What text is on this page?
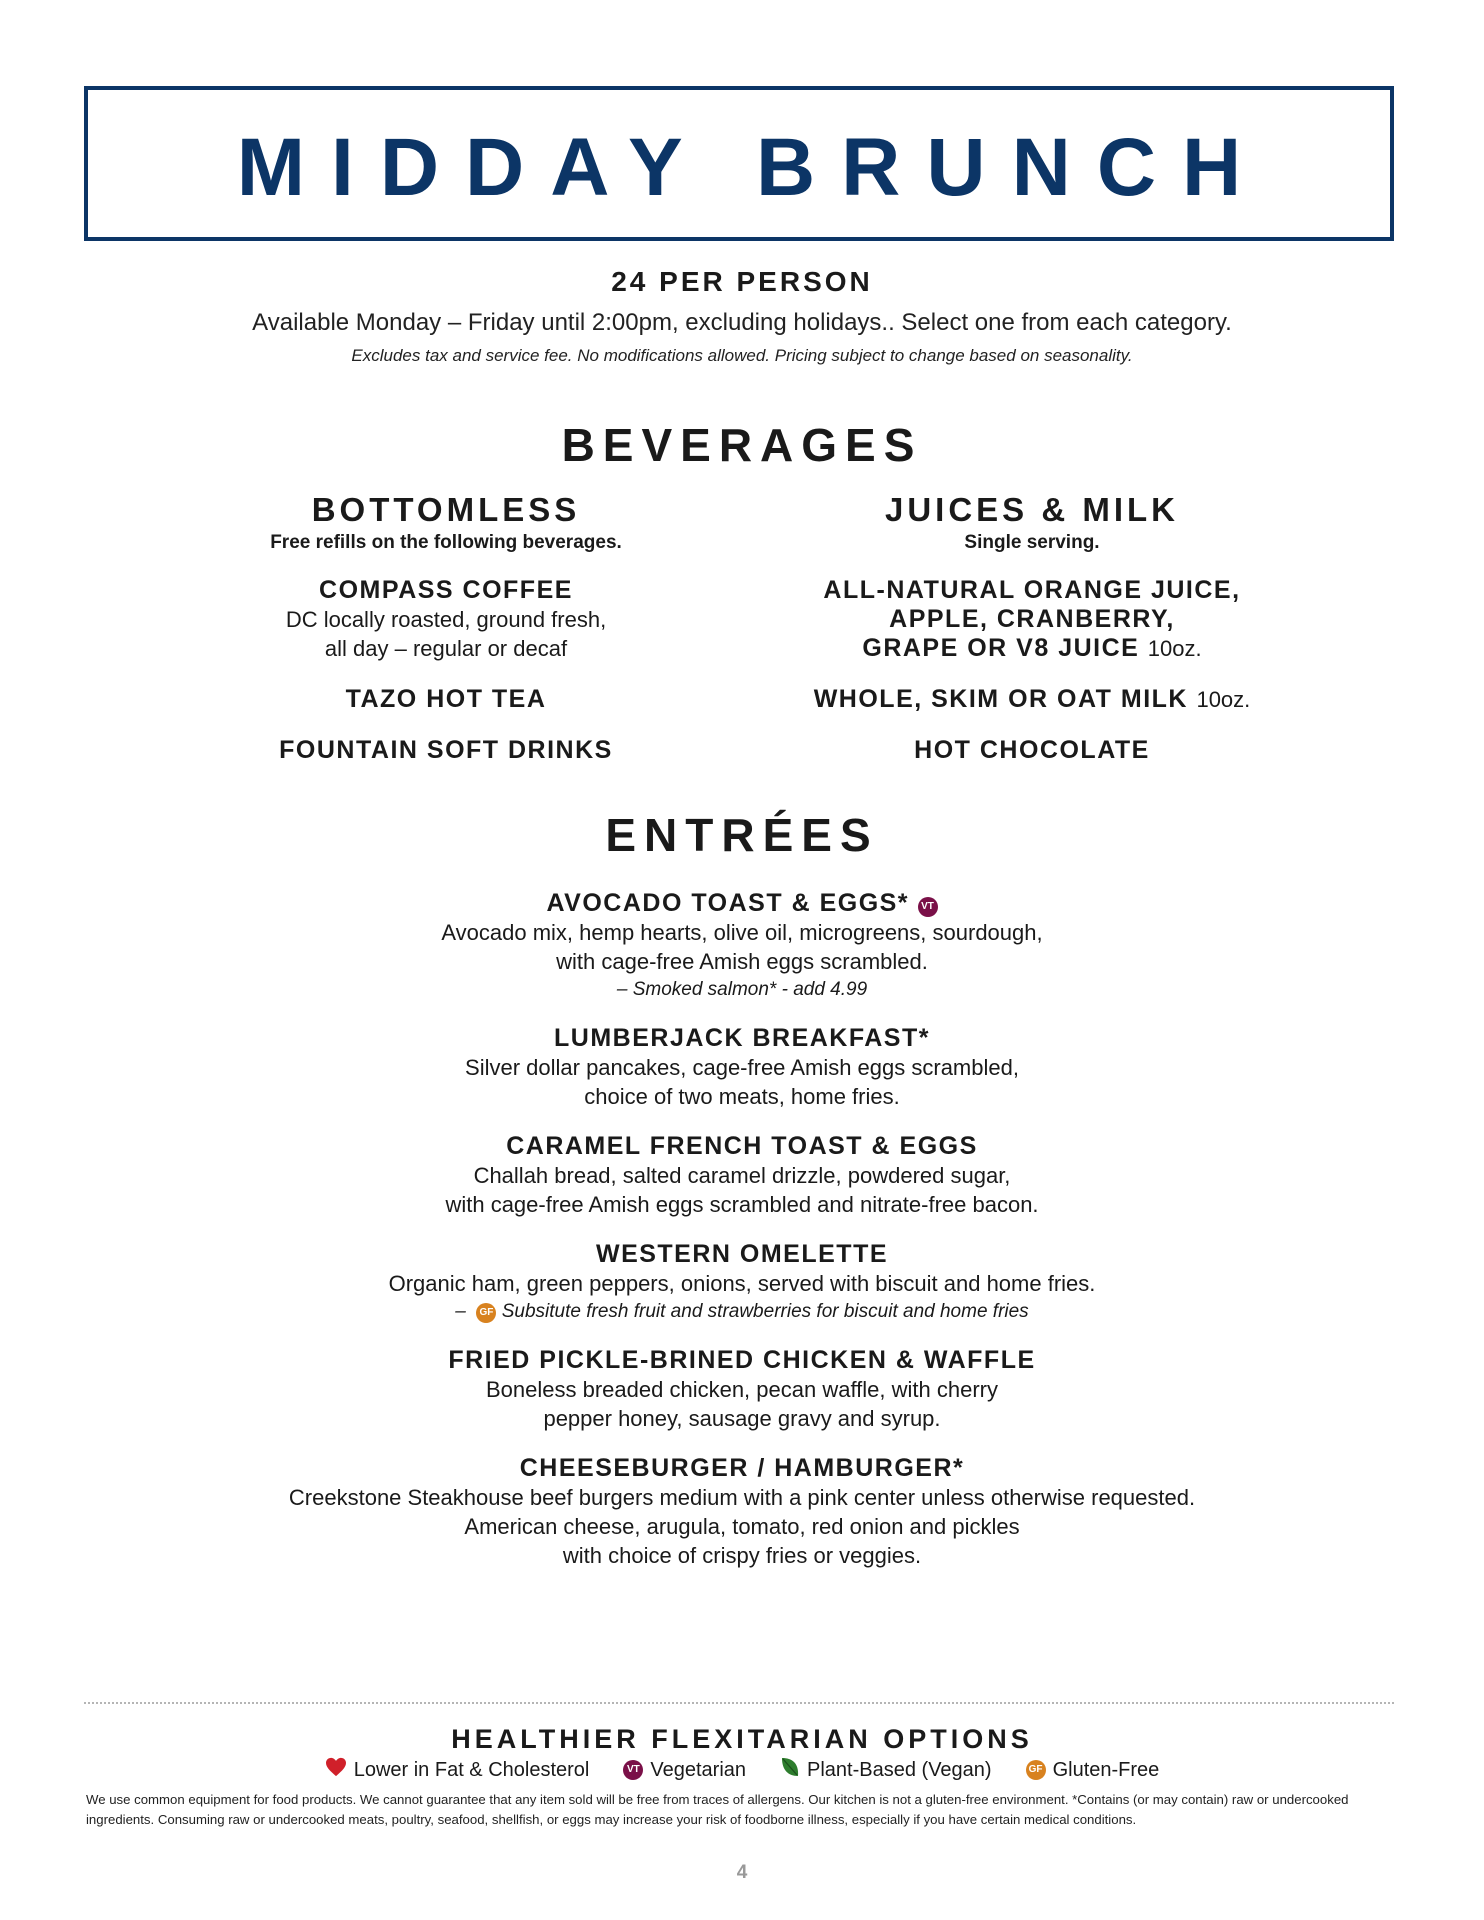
MIDDAY BRUNCH
24 PER PERSON
Available Monday – Friday until 2:00pm, excluding holidays.. Select one from each category.
Excludes tax and service fee. No modifications allowed. Pricing subject to change based on seasonality.
BEVERAGES
BOTTOMLESS
Free refills on the following beverages.
COMPASS COFFEE
DC locally roasted, ground fresh,
all day – regular or decaf
TAZO HOT TEA
FOUNTAIN SOFT DRINKS
JUICES & MILK
Single serving.
ALL-NATURAL ORANGE JUICE,
APPLE, CRANBERRY,
GRAPE OR V8 JUICE 10oz.
WHOLE, SKIM OR OAT MILK 10oz.
HOT CHOCOLATE
ENTRÉES
AVOCADO TOAST & EGGS* VT
Avocado mix, hemp hearts, olive oil, microgreens, sourdough,
with cage-free Amish eggs scrambled.
– Smoked salmon* - add 4.99
LUMBERJACK BREAKFAST*
Silver dollar pancakes, cage-free Amish eggs scrambled,
choice of two meats, home fries.
CARAMEL FRENCH TOAST & EGGS
Challah bread, salted caramel drizzle, powdered sugar,
with cage-free Amish eggs scrambled and nitrate-free bacon.
WESTERN OMELETTE
Organic ham, green peppers, onions, served with biscuit and home fries.
– GF Subsitute fresh fruit and strawberries for biscuit and home fries
FRIED PICKLE-BRINED CHICKEN & WAFFLE
Boneless breaded chicken, pecan waffle, with cherry
pepper honey, sausage gravy and syrup.
CHEESEBURGER / HAMBURGER*
Creekstone Steakhouse beef burgers medium with a pink center unless otherwise requested.
American cheese, arugula, tomato, red onion and pickles
with choice of crispy fries or veggies.
HEALTHIER FLEXITARIAN OPTIONS
Lower in Fat & Cholesterol	VT Vegetarian	Plant-Based (Vegan)	GF Gluten-Free
We use common equipment for food products. We cannot guarantee that any item sold will be free from traces of allergens. Our kitchen is not a gluten-free environment. *Contains (or may contain) raw or undercooked ingredients. Consuming raw or undercooked meats, poultry, seafood, shellfish, or eggs may increase your risk of foodborne illness, especially if you have certain medical conditions.
4
